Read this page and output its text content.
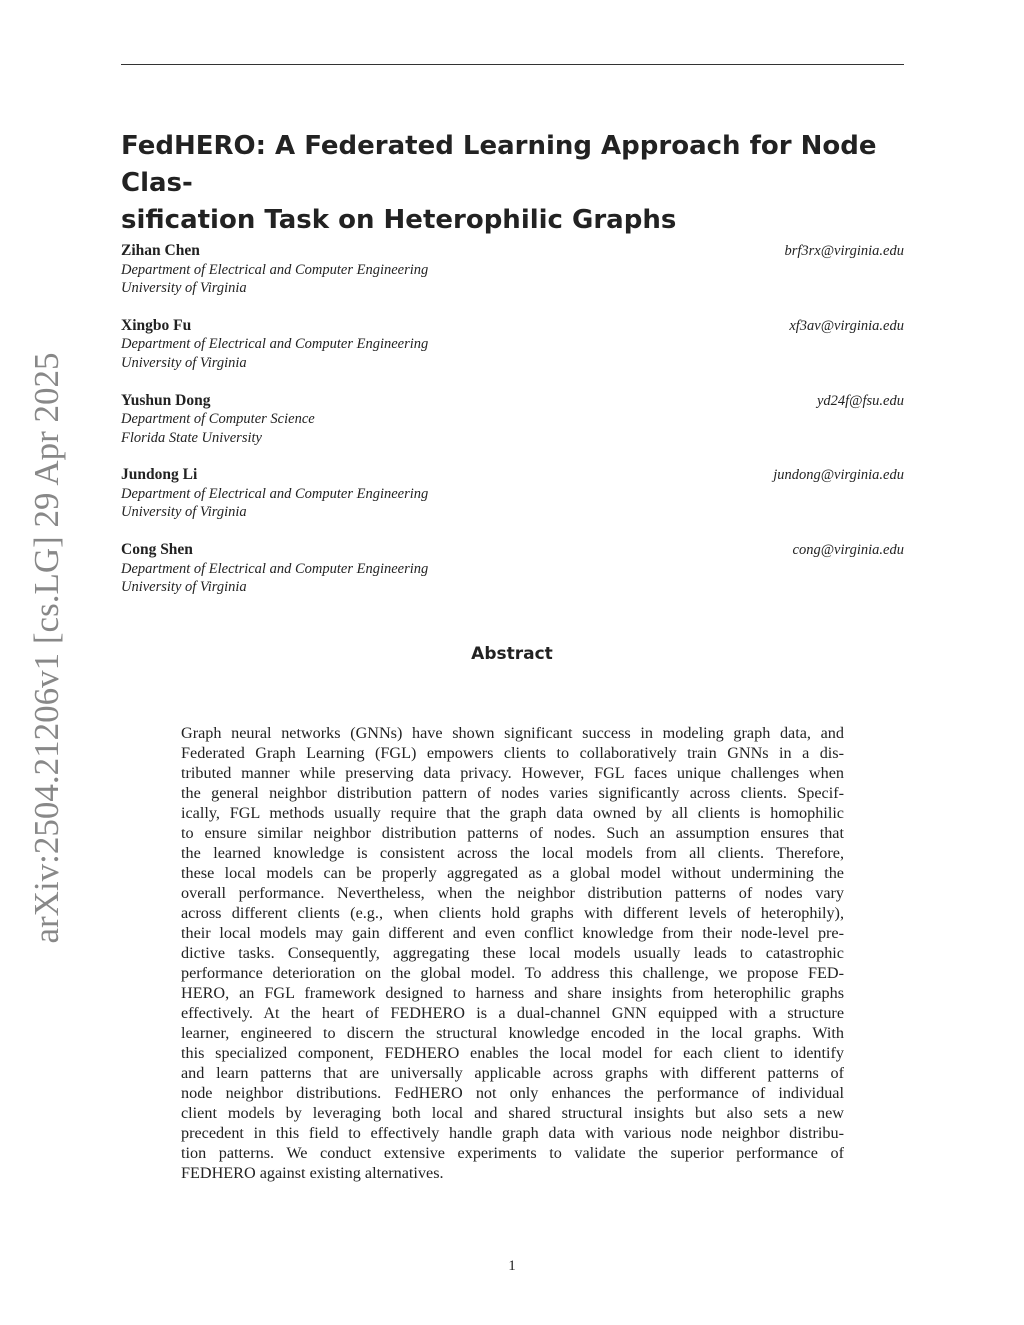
arXiv:2504.21206v1 [cs.LG] 29 Apr 2025
FedHERO: A Federated Learning Approach for Node Clas-
sification Task on Heterophilic Graphs
Zihan Chen
Department of Electrical and Computer Engineering
University of Virginia
brf3rx@virginia.edu
Xingbo Fu
Department of Electrical and Computer Engineering
University of Virginia
xf3av@virginia.edu
Yushun Dong
Department of Computer Science
Florida State University
yd24f@fsu.edu
Jundong Li
Department of Electrical and Computer Engineering
University of Virginia
jundong@virginia.edu
Cong Shen
Department of Electrical and Computer Engineering
University of Virginia
cong@virginia.edu
Abstract
Graph neural networks (GNNs) have shown significant success in modeling graph data, and
Federated Graph Learning (FGL) empowers clients to collaboratively train GNNs in a dis-
tributed manner while preserving data privacy. However, FGL faces unique challenges when
the general neighbor distribution pattern of nodes varies significantly across clients. Specif-
ically, FGL methods usually require that the graph data owned by all clients is homophilic
to ensure similar neighbor distribution patterns of nodes. Such an assumption ensures that
the learned knowledge is consistent across the local models from all clients. Therefore,
these local models can be properly aggregated as a global model without undermining the
overall performance. Nevertheless, when the neighbor distribution patterns of nodes vary
across different clients (e.g., when clients hold graphs with different levels of heterophily),
their local models may gain different and even conflict knowledge from their node-level pre-
dictive tasks. Consequently, aggregating these local models usually leads to catastrophic
performance deterioration on the global model. To address this challenge, we propose FED-
HERO, an FGL framework designed to harness and share insights from heterophilic graphs
effectively. At the heart of FEDHERO is a dual-channel GNN equipped with a structure
learner, engineered to discern the structural knowledge encoded in the local graphs. With
this specialized component, FEDHERO enables the local model for each client to identify
and learn patterns that are universally applicable across graphs with different patterns of
node neighbor distributions. FedHERO not only enhances the performance of individual
client models by leveraging both local and shared structural insights but also sets a new
precedent in this field to effectively handle graph data with various node neighbor distribu-
tion patterns. We conduct extensive experiments to validate the superior performance of
FEDHERO against existing alternatives.
1
